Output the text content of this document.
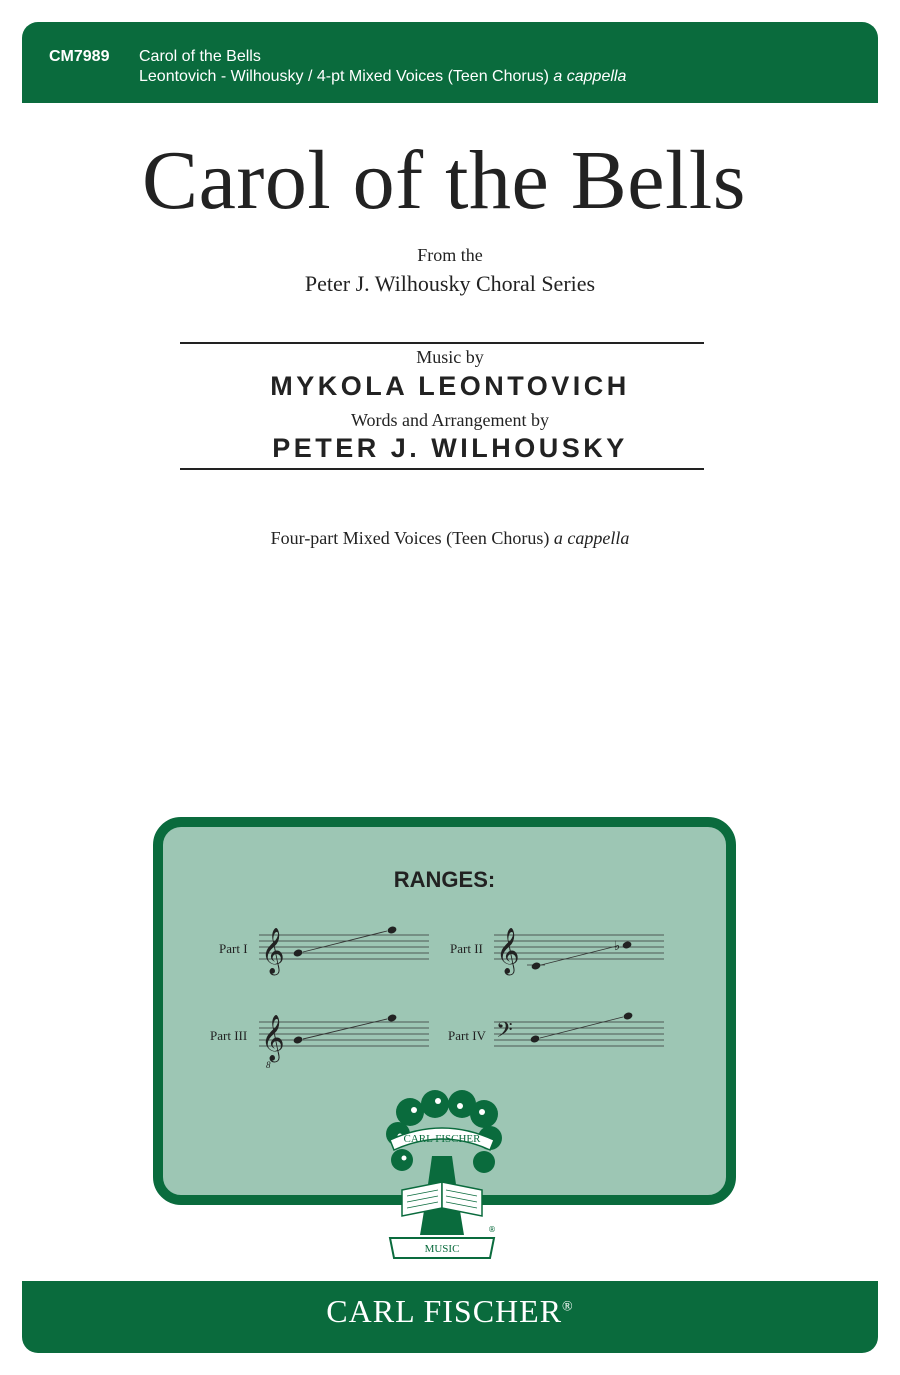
CM7989 Carol of the Bells
Leontovich - Wilhousky / 4-pt Mixed Voices (Teen Chorus) a cappella
Carol of the Bells
From the
Peter J. Wilhousky Choral Series
Music by
MYKOLA LEONTOVICH
Words and Arrangement by
PETER J. WILHOUSKY
Four-part Mixed Voices (Teen Chorus) a cappella
RANGES:
Part I 𝄞	Part II 𝄞	♭
Part III 𝄞
8
Part IV 𝄢
CARL FISCHER
®
MUSIC
CARL FISCHER®
